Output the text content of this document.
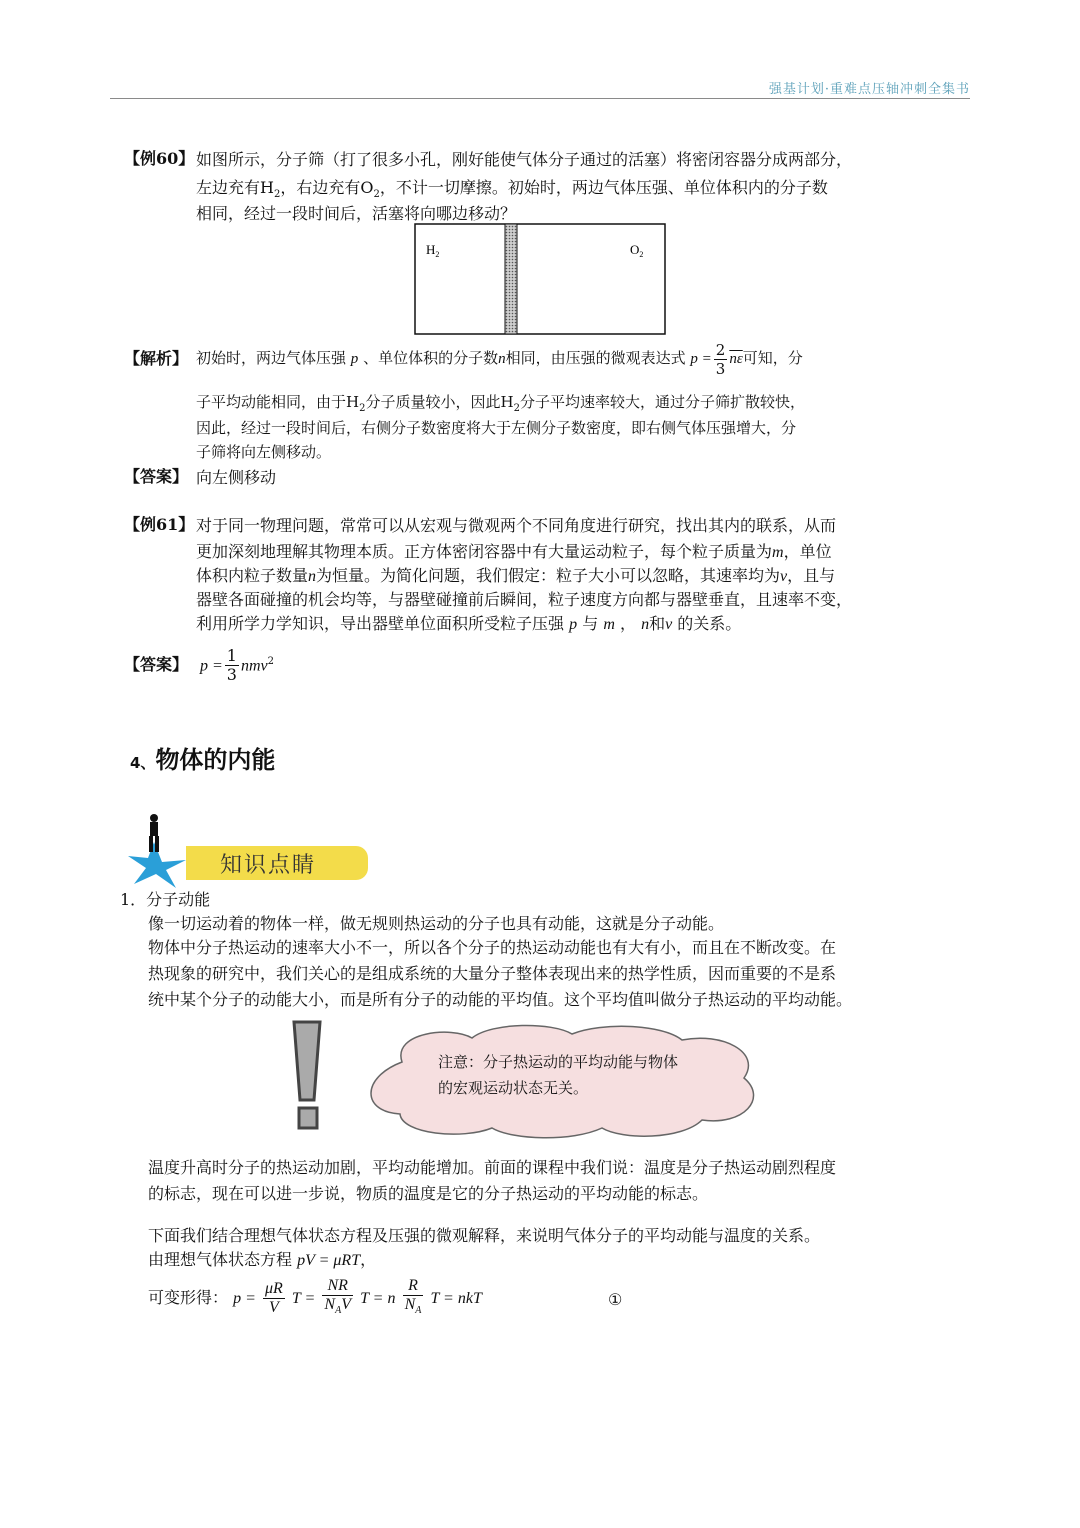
强基计划·重难点压轴冲刺全集书
【例60】 如图所示，分子筛（打了很多小孔，刚好能使气体分子通过的活塞）将密闭容器分成两部分，
左边充有$H_2$，右边充有$O_2$，不计一切摩擦。初始时，两边气体压强、单位体积内的分子数
相同，经过一段时间后，活塞将向哪边移动？
$H_2$	$O_2$
【解析】 初始时，两边气体压强 p 、单位体积的分子数n相同，由压强的微观表达式 $p = \frac{2}{3} \overline{n\varepsilon}$可知，分
子平均动能相同，由于$H_2$分子质量较小，因此$H_2$分子平均速率较大，通过分子筛扩散较快，
因此，经过一段时间后，右侧分子数密度将大于左侧分子数密度，即右侧气体压强增大，分
子筛将向左侧移动。
【答案】 向左侧移动
【例61】 对于同一物理问题，常常可以从宏观与微观两个不同角度进行研究，找出其内的联系，从而
更加深刻地理解其物理本质。正方体密闭容器中有大量运动粒子，每个粒子质量为m，单位
体积内粒子数量n为恒量。为简化问题，我们假定：粒子大小可以忽略，其速率均为v，且与
器壁各面碰撞的机会均等，与器壁碰撞前后瞬间，粒子速度方向都与器壁垂直，且速率不变，
利用所学力学知识，导出器壁单位面积所受粒子压强 p 与 m ， n和v 的关系。
【答案】 $p = \frac{1}{3} nmv^2$
4、物体的内能
知识点睛
1．分子动能
像一切运动着的物体一样，做无规则热运动的分子也具有动能，这就是分子动能。
物体中分子热运动的速率大小不一，所以各个分子的热运动动能也有大有小，而且在不断改变。在
热现象的研究中，我们关心的是组成系统的大量分子整体表现出来的热学性质，因而重要的不是系
统中某个分子的动能大小，而是所有分子的动能的平均值。这个平均值叫做分子热运动的平均动能。
注意：分子热运动的平均动能与物体
的宏观运动状态无关。
温度升高时分子的热运动加剧，平均动能增加。前面的课程中我们说：温度是分子热运动剧烈程度
的标志，现在可以进一步说，物质的温度是它的分子热运动的平均动能的标志。
下面我们结合理想气体状态方程及压强的微观解释，来说明气体分子的平均动能与温度的关系。
由理想气体状态方程 pV = μRT，
可变形得： $p = \frac{\mu R}{V}$ $T = \frac{NR}{N_AV}$ T = n $\frac{R}{N_A}$ T = nkT	①
